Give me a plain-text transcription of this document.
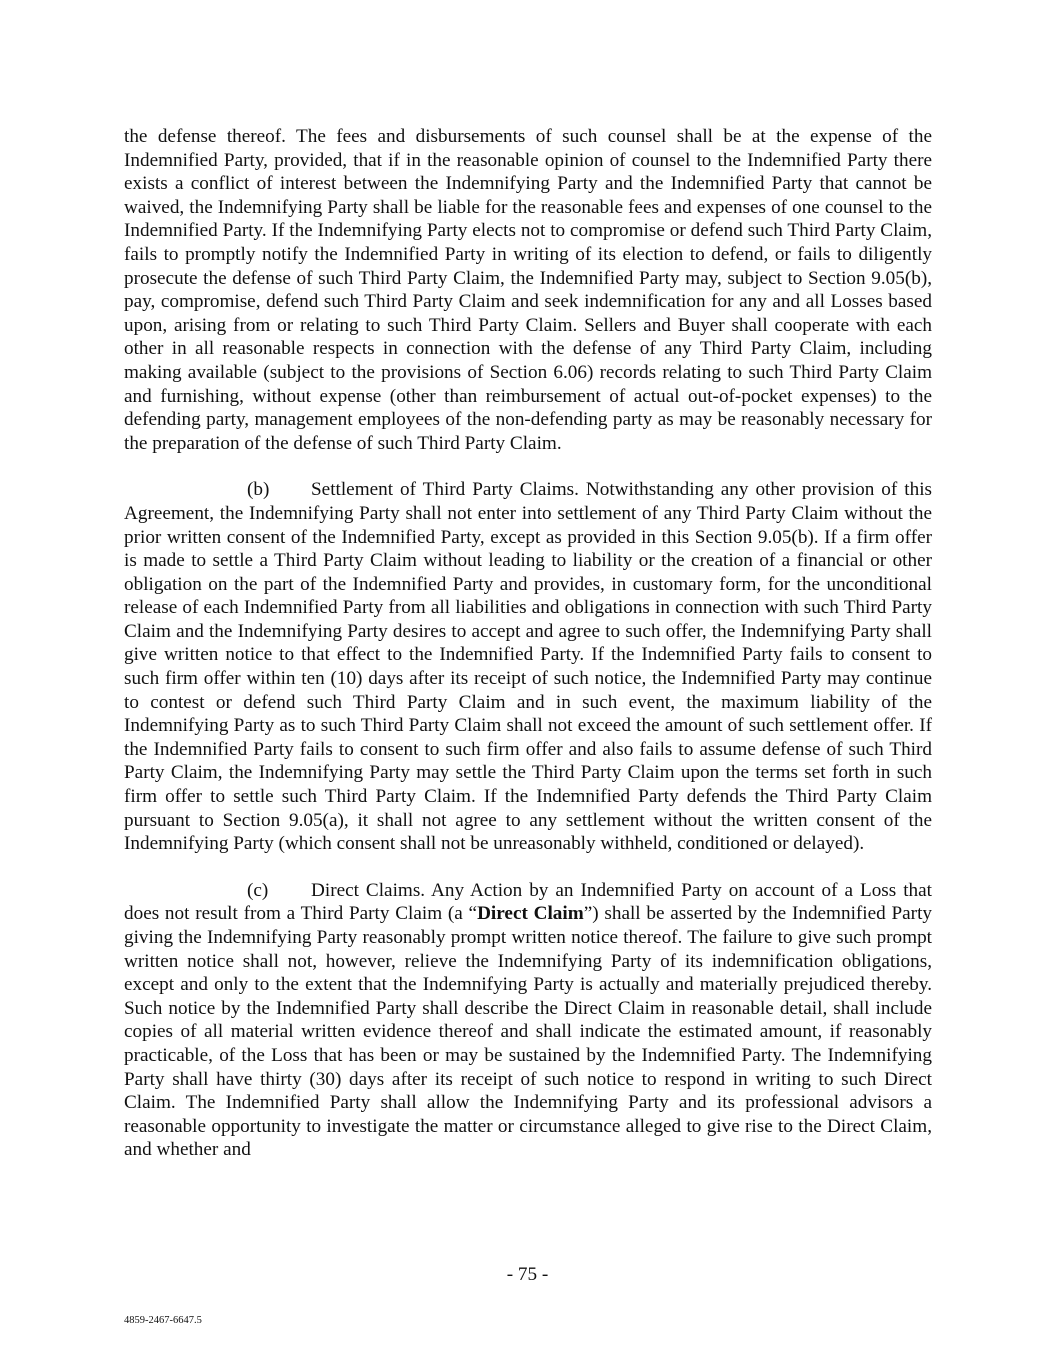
the defense thereof. The fees and disbursements of such counsel shall be at the expense of the Indemnified Party, provided, that if in the reasonable opinion of counsel to the Indemnified Party there exists a conflict of interest between the Indemnifying Party and the Indemnified Party that cannot be waived, the Indemnifying Party shall be liable for the reasonable fees and expenses of one counsel to the Indemnified Party. If the Indemnifying Party elects not to compromise or defend such Third Party Claim, fails to promptly notify the Indemnified Party in writing of its election to defend, or fails to diligently prosecute the defense of such Third Party Claim, the Indemnified Party may, subject to Section 9.05(b), pay, compromise, defend such Third Party Claim and seek indemnification for any and all Losses based upon, arising from or relating to such Third Party Claim. Sellers and Buyer shall cooperate with each other in all reasonable respects in connection with the defense of any Third Party Claim, including making available (subject to the provisions of Section 6.06) records relating to such Third Party Claim and furnishing, without expense (other than reimbursement of actual out-of-pocket expenses) to the defending party, management employees of the non-defending party as may be reasonably necessary for the preparation of the defense of such Third Party Claim.

(b) Settlement of Third Party Claims. Notwithstanding any other provision of this Agreement, the Indemnifying Party shall not enter into settlement of any Third Party Claim without the prior written consent of the Indemnified Party, except as provided in this Section 9.05(b). If a firm offer is made to settle a Third Party Claim without leading to liability or the creation of a financial or other obligation on the part of the Indemnified Party and provides, in customary form, for the unconditional release of each Indemnified Party from all liabilities and obligations in connection with such Third Party Claim and the Indemnifying Party desires to accept and agree to such offer, the Indemnifying Party shall give written notice to that effect to the Indemnified Party. If the Indemnified Party fails to consent to such firm offer within ten (10) days after its receipt of such notice, the Indemnified Party may continue to contest or defend such Third Party Claim and in such event, the maximum liability of the Indemnifying Party as to such Third Party Claim shall not exceed the amount of such settlement offer. If the Indemnified Party fails to consent to such firm offer and also fails to assume defense of such Third Party Claim, the Indemnifying Party may settle the Third Party Claim upon the terms set forth in such firm offer to settle such Third Party Claim. If the Indemnified Party defends the Third Party Claim pursuant to Section 9.05(a), it shall not agree to any settlement without the written consent of the Indemnifying Party (which consent shall not be unreasonably withheld, conditioned or delayed).

(c) Direct Claims. Any Action by an Indemnified Party on account of a Loss that does not result from a Third Party Claim (a “Direct Claim”) shall be asserted by the Indemnified Party giving the Indemnifying Party reasonably prompt written notice thereof. The failure to give such prompt written notice shall not, however, relieve the Indemnifying Party of its indemnification obligations, except and only to the extent that the Indemnifying Party is actually and materially prejudiced thereby. Such notice by the Indemnified Party shall describe the Direct Claim in reasonable detail, shall include copies of all material written evidence thereof and shall indicate the estimated amount, if reasonably practicable, of the Loss that has been or may be sustained by the Indemnified Party. The Indemnifying Party shall have thirty (30) days after its receipt of such notice to respond in writing to such Direct Claim. The Indemnified Party shall allow the Indemnifying Party and its professional advisors a reasonable opportunity to investigate the matter or circumstance alleged to give rise to the Direct Claim, and whether and

- 75 -
4859-2467-6647.5
